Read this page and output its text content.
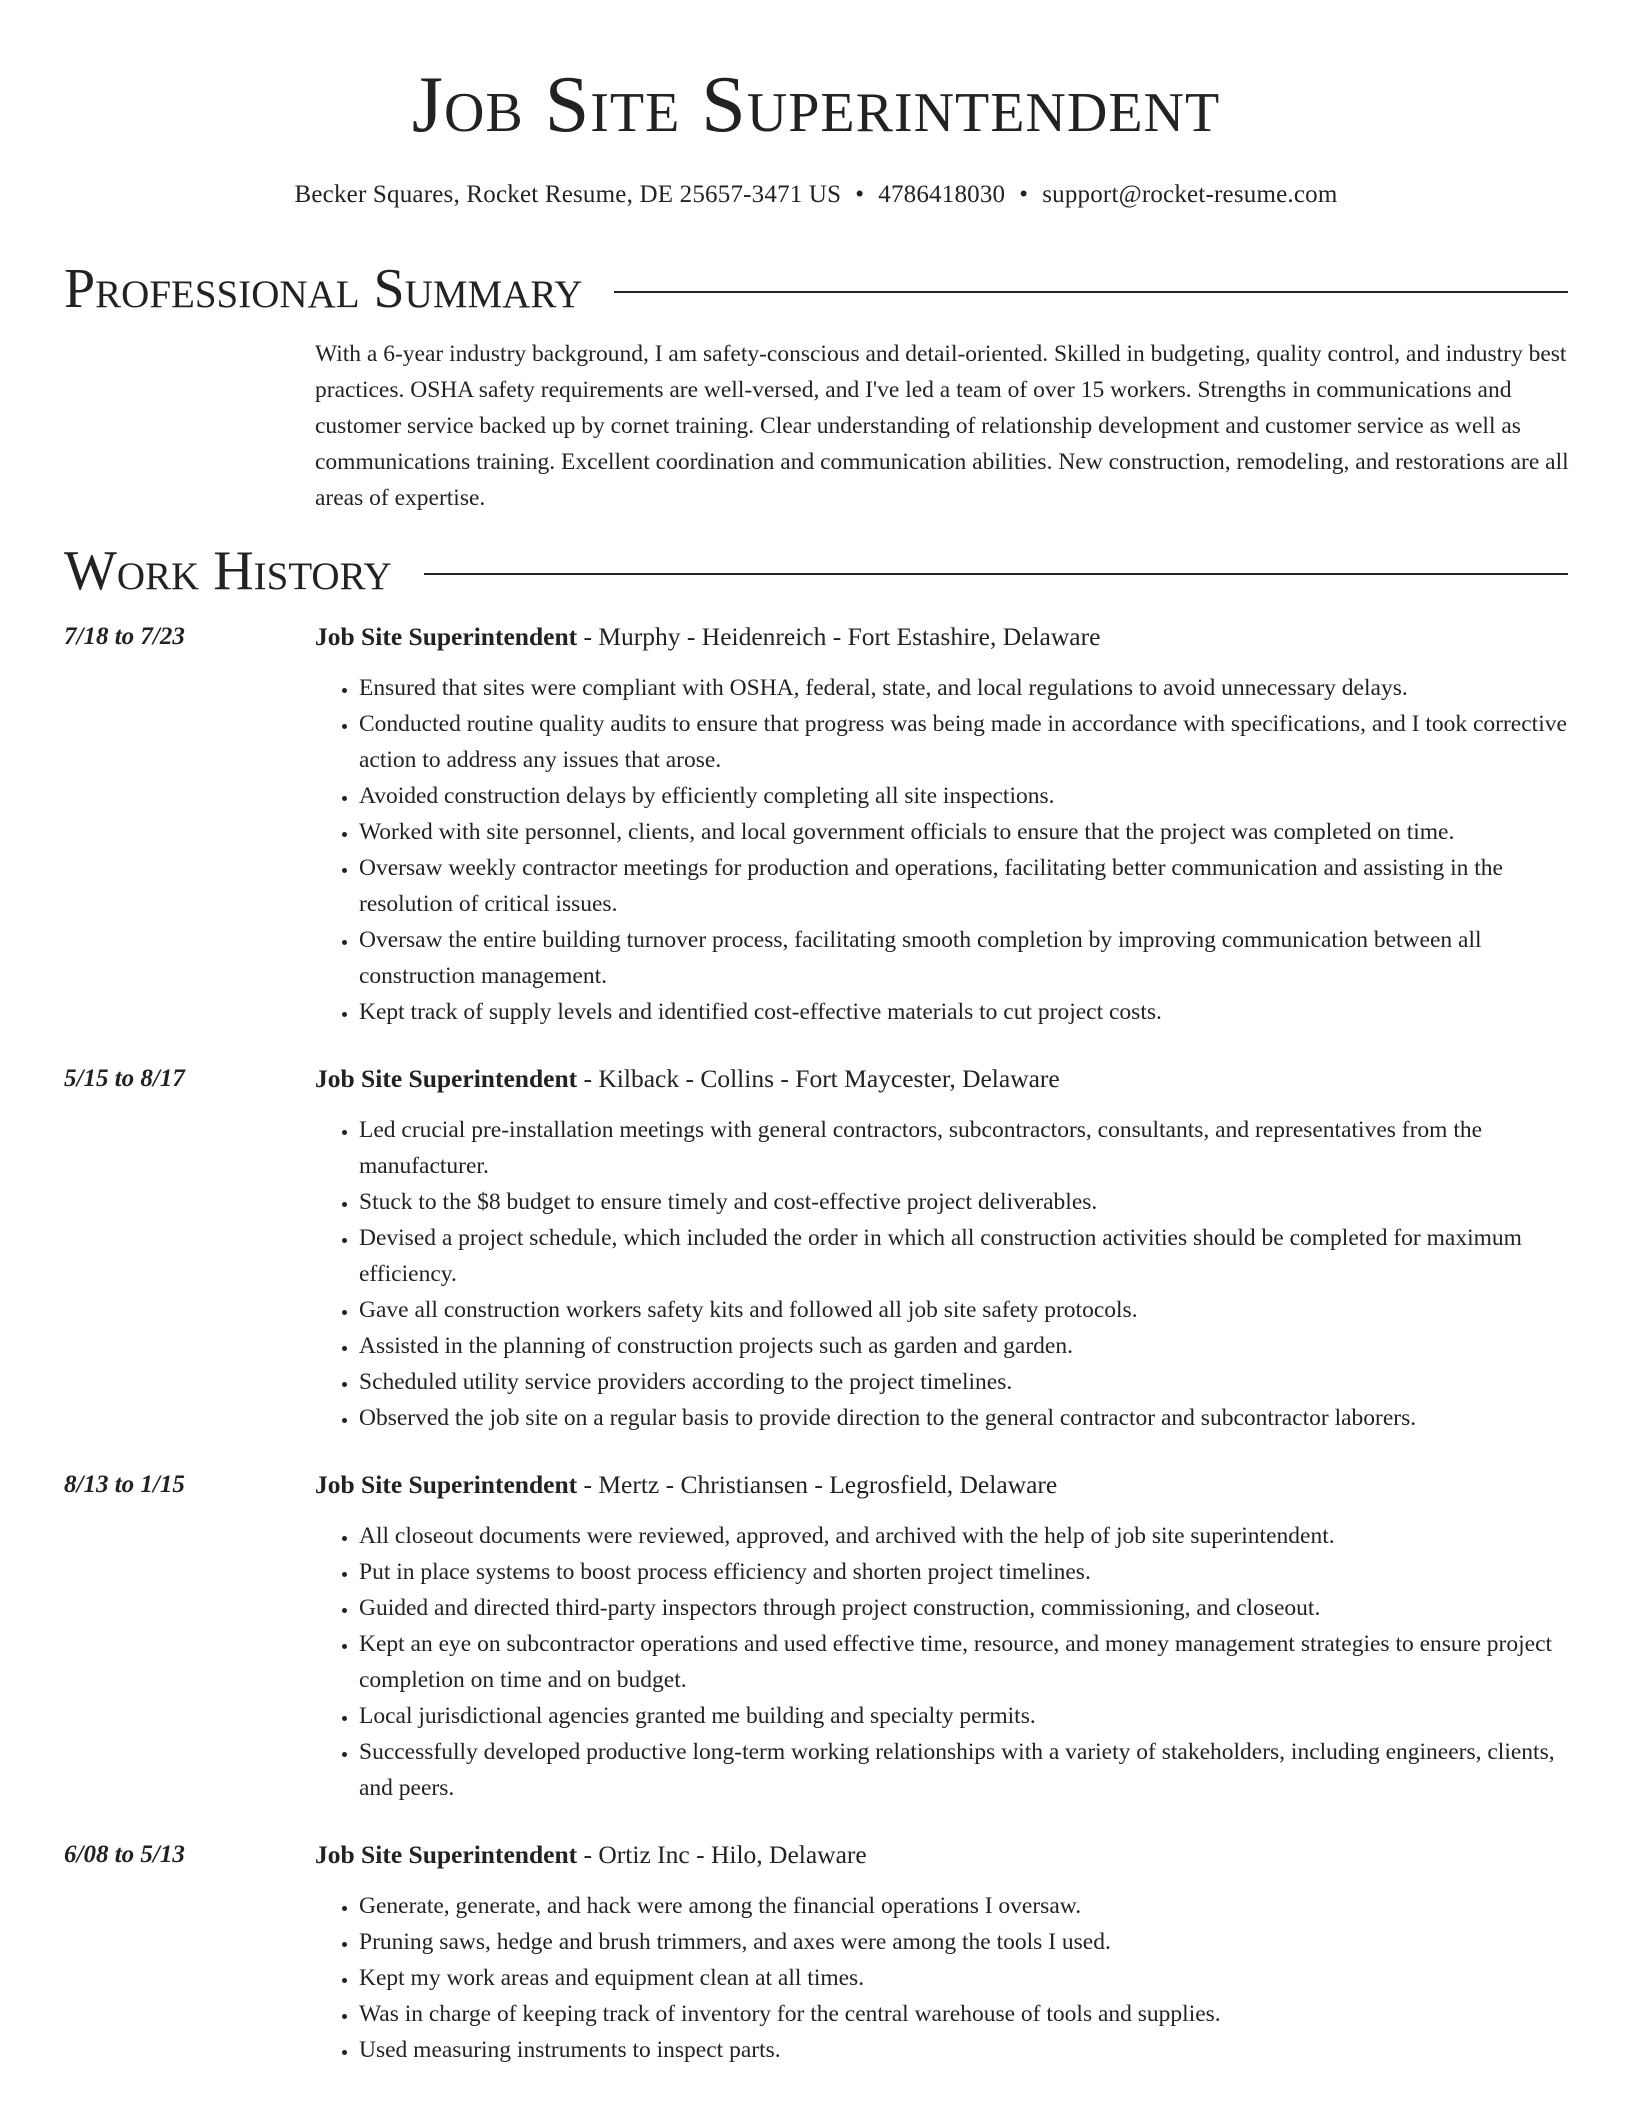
Job Site Superintendent
Becker Squares, Rocket Resume, DE 25657-3471 US • 4786418030 • support@rocket-resume.com
Professional Summary
With a 6-year industry background, I am safety-conscious and detail-oriented. Skilled in budgeting, quality control, and industry best practices. OSHA safety requirements are well-versed, and I've led a team of over 15 workers. Strengths in communications and customer service backed up by cornet training. Clear understanding of relationship development and customer service as well as communications training. Excellent coordination and communication abilities. New construction, remodeling, and restorations are all areas of expertise.
Work History
7/18 to 7/23	Job Site Superintendent - Murphy - Heidenreich - Fort Estashire, Delaware
• Ensured that sites were compliant with OSHA, federal, state, and local regulations to avoid unnecessary delays.
• Conducted routine quality audits to ensure that progress was being made in accordance with specifications, and I took corrective action to address any issues that arose.
• Avoided construction delays by efficiently completing all site inspections.
• Worked with site personnel, clients, and local government officials to ensure that the project was completed on time.
• Oversaw weekly contractor meetings for production and operations, facilitating better communication and assisting in the resolution of critical issues.
• Oversaw the entire building turnover process, facilitating smooth completion by improving communication between all construction management.
• Kept track of supply levels and identified cost-effective materials to cut project costs.
5/15 to 8/17	Job Site Superintendent - Kilback - Collins - Fort Maycester, Delaware
• Led crucial pre-installation meetings with general contractors, subcontractors, consultants, and representatives from the manufacturer.
• Stuck to the $8 budget to ensure timely and cost-effective project deliverables.
• Devised a project schedule, which included the order in which all construction activities should be completed for maximum efficiency.
• Gave all construction workers safety kits and followed all job site safety protocols.
• Assisted in the planning of construction projects such as garden and garden.
• Scheduled utility service providers according to the project timelines.
• Observed the job site on a regular basis to provide direction to the general contractor and subcontractor laborers.
8/13 to 1/15	Job Site Superintendent - Mertz - Christiansen - Legrosfield, Delaware
• All closeout documents were reviewed, approved, and archived with the help of job site superintendent.
• Put in place systems to boost process efficiency and shorten project timelines.
• Guided and directed third-party inspectors through project construction, commissioning, and closeout.
• Kept an eye on subcontractor operations and used effective time, resource, and money management strategies to ensure project completion on time and on budget.
• Local jurisdictional agencies granted me building and specialty permits.
• Successfully developed productive long-term working relationships with a variety of stakeholders, including engineers, clients, and peers.
6/08 to 5/13	Job Site Superintendent - Ortiz Inc - Hilo, Delaware
• Generate, generate, and hack were among the financial operations I oversaw.
• Pruning saws, hedge and brush trimmers, and axes were among the tools I used.
• Kept my work areas and equipment clean at all times.
• Was in charge of keeping track of inventory for the central warehouse of tools and supplies.
• Used measuring instruments to inspect parts.
